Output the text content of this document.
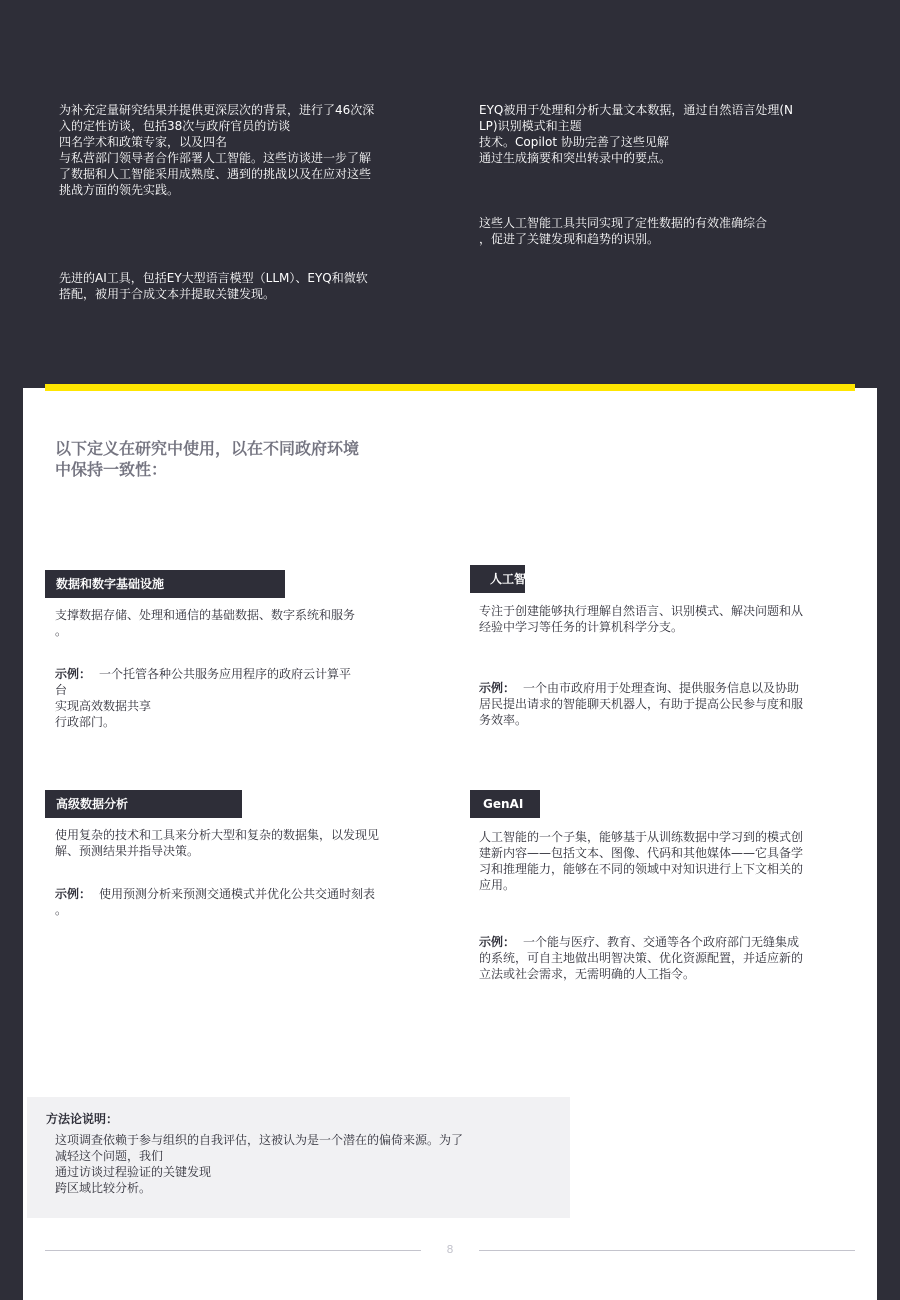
为补充定量研究结果并提供更深层次的背景，进行了46次深
入的定性访谈，包括38次与政府官员的访谈
四名学术和政策专家，以及四名
与私营部门领导者合作部署人工智能。这些访谈进一步了解
了数据和人工智能采用成熟度、遇到的挑战以及在应对这些
挑战方面的领先实践。
先进的AI工具，包括EY大型语言模型（LLM）、EYQ和微软
搭配，被用于合成文本并提取关键发现。
EYQ被用于处理和分析大量文本数据，通过自然语言处理(N
LP)识别模式和主题
技术。Copilot 协助完善了这些见解
通过生成摘要和突出转录中的要点。
这些人工智能工具共同实现了定性数据的有效准确综合
，促进了关键发现和趋势的识别。
以下定义在研究中使用，以在不同政府环境
中保持一致性：
数据和数字基础设施
支撑数据存储、处理和通信的基础数据、数字系统和服务
。
示例： 一个托管各种公共服务应用程序的政府云计算平
台
实现高效数据共享
行政部门。
人工智能
专注于创建能够执行理解自然语言、识别模式、解决问题和从
经验中学习等任务的计算机科学分支。
示例： 一个由市政府用于处理查询、提供服务信息以及协助
居民提出请求的智能聊天机器人，有助于提高公民参与度和服
务效率。
高级数据分析
使用复杂的技术和工具来分析大型和复杂的数据集，以发现见
解、预测结果并指导决策。
示例： 使用预测分析来预测交通模式并优化公共交通时刻表
。
GenAI
人工智能的一个子集，能够基于从训练数据中学习到的模式创
建新内容——包括文本、图像、代码和其他媒体——它具备学
习和推理能力，能够在不同的领域中对知识进行上下文相关的
应用。
示例： 一个能与医疗、教育、交通等各个政府部门无缝集成
的系统，可自主地做出明智决策、优化资源配置，并适应新的
立法或社会需求，无需明确的人工指令。
方法论说明：
这项调查依赖于参与组织的自我评估，这被认为是一个潜在的偏倚来源。为了
减轻这个问题，我们
通过访谈过程验证的关键发现
跨区域比较分析。
8
